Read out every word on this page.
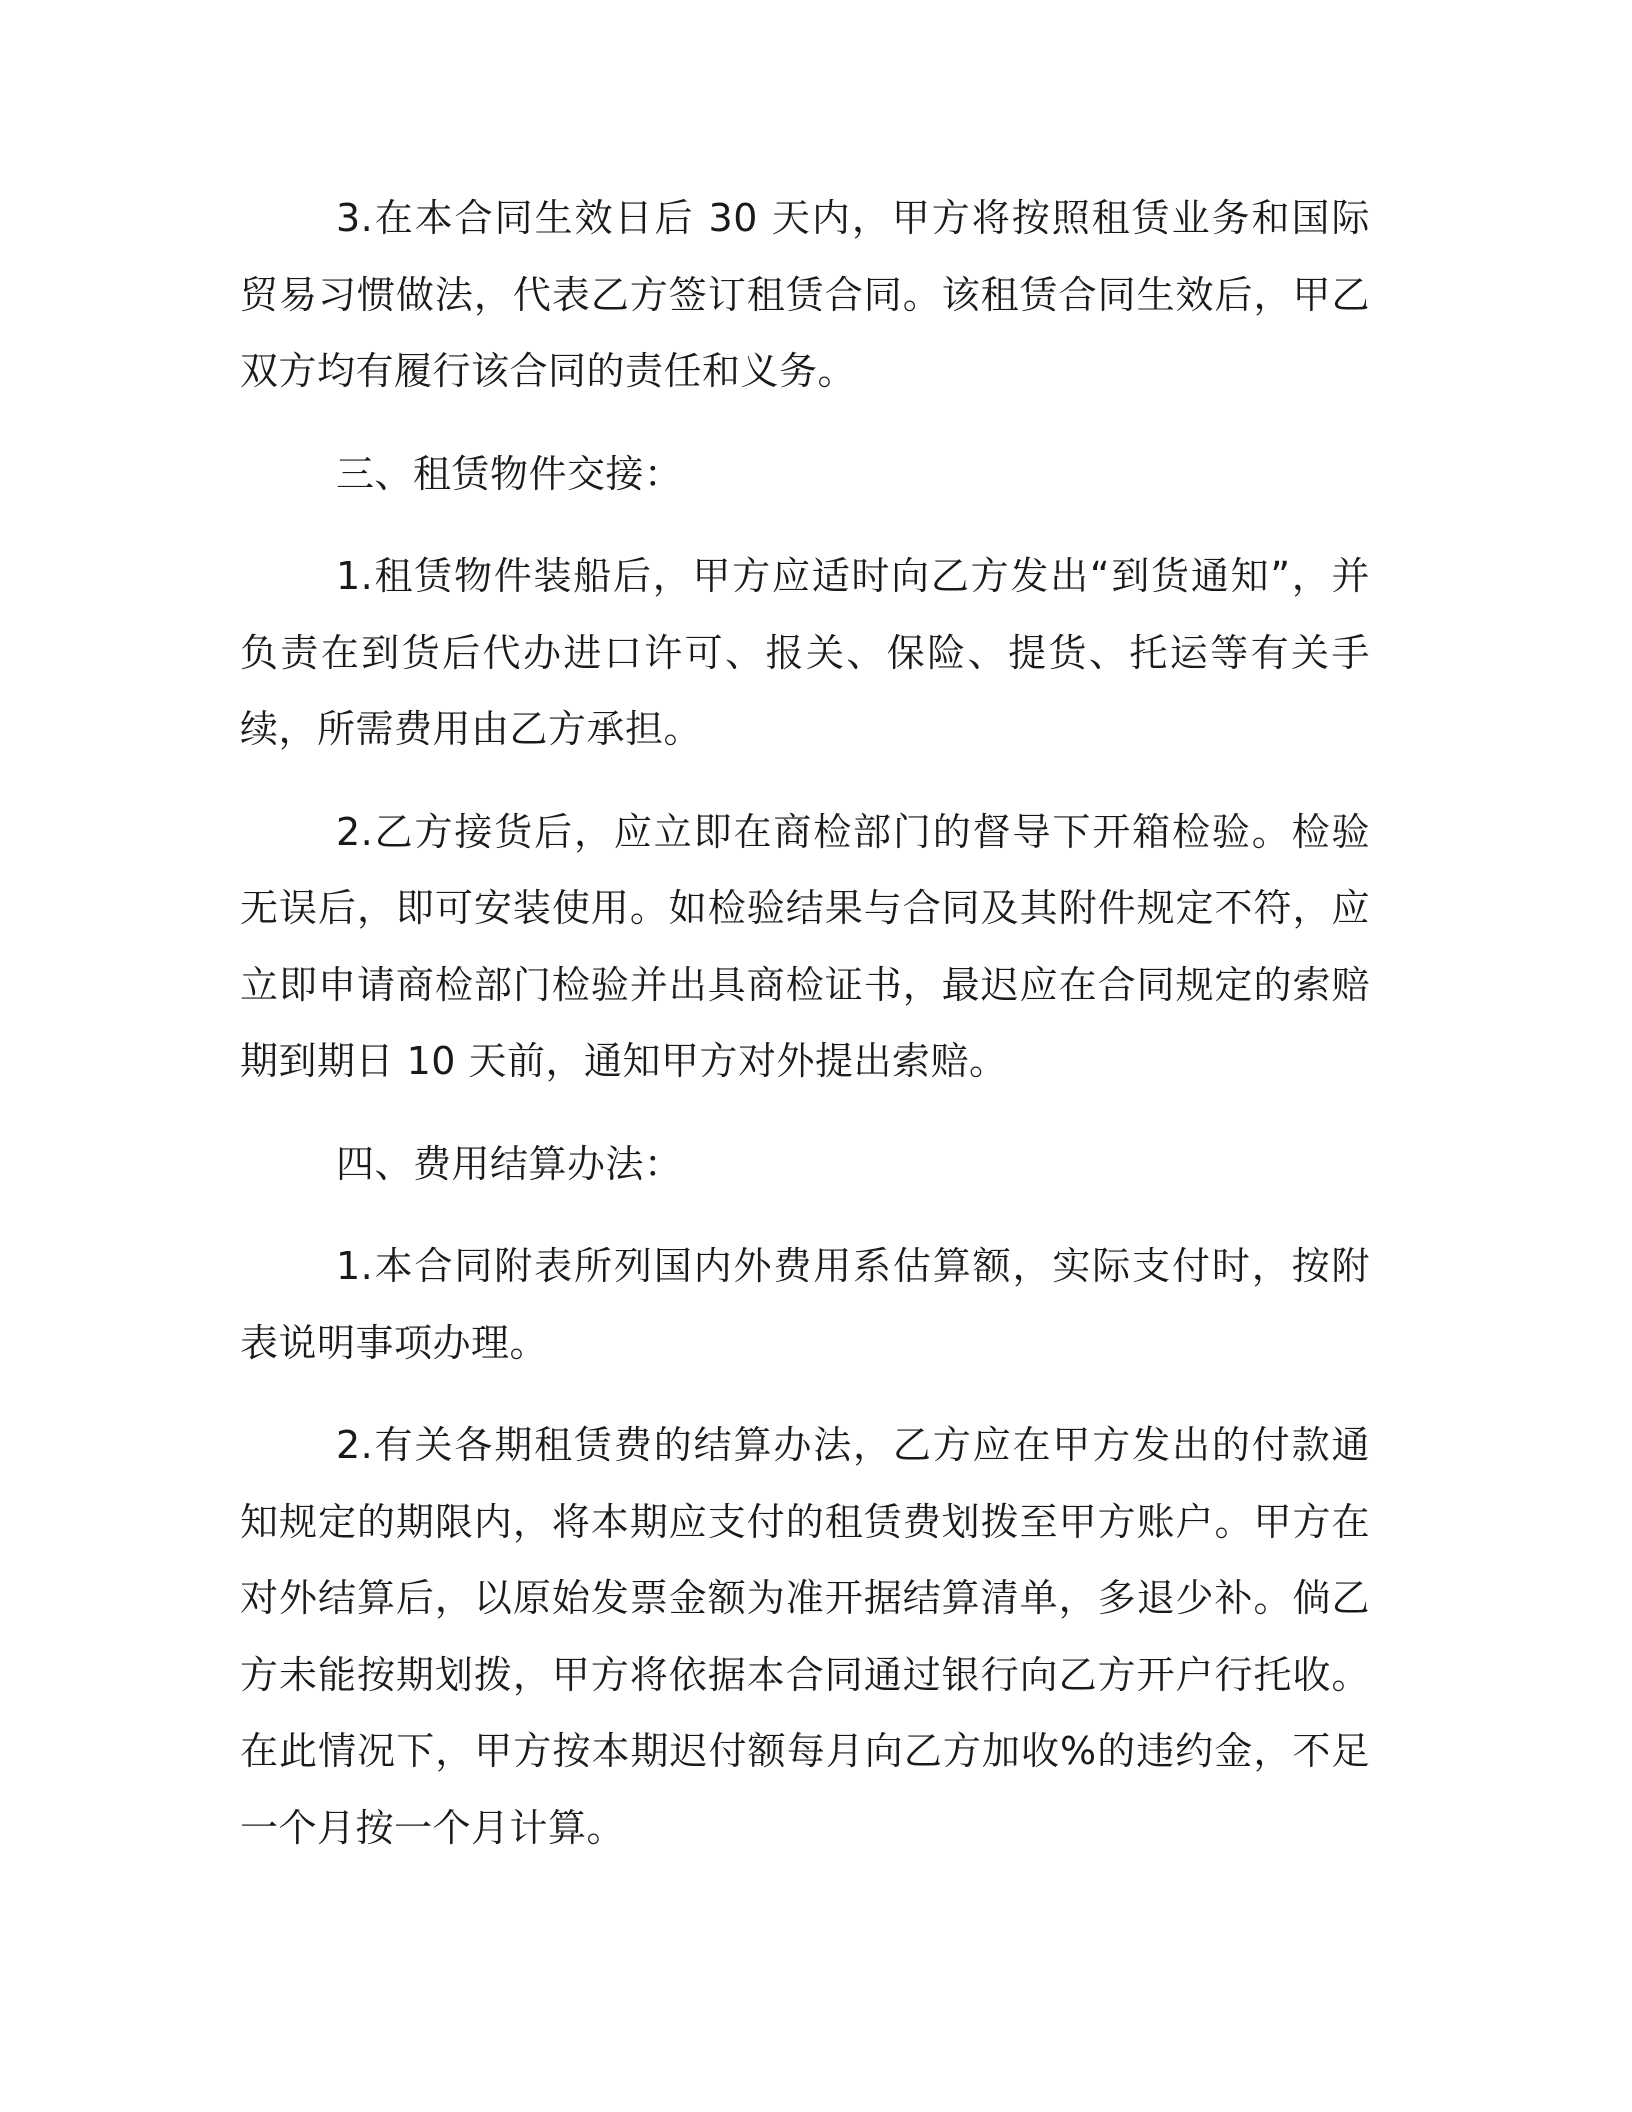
3.在本合同生效日后 30 天内，甲方将按照租赁业务和国际贸易习惯做法，代表乙方签订租赁合同。该租赁合同生效后，甲乙双方均有履行该合同的责任和义务。

三、租赁物件交接：

1.租赁物件装船后，甲方应适时向乙方发出“到货通知”，并负责在到货后代办进口许可、报关、保险、提货、托运等有关手续，所需费用由乙方承担。

2.乙方接货后，应立即在商检部门的督导下开箱检验。检验无误后，即可安装使用。如检验结果与合同及其附件规定不符，应立即申请商检部门检验并出具商检证书，最迟应在合同规定的索赔期到期日 10 天前，通知甲方对外提出索赔。

四、费用结算办法：

1.本合同附表所列国内外费用系估算额，实际支付时，按附表说明事项办理。

2.有关各期租赁费的结算办法，乙方应在甲方发出的付款通知规定的期限内，将本期应支付的租赁费划拨至甲方账户。甲方在对外结算后，以原始发票金额为准开据结算清单，多退少补。倘乙方未能按期划拨，甲方将依据本合同通过银行向乙方开户行托收。在此情况下，甲方按本期迟付额每月向乙方加收%的违约金，不足一个月按一个月计算。
